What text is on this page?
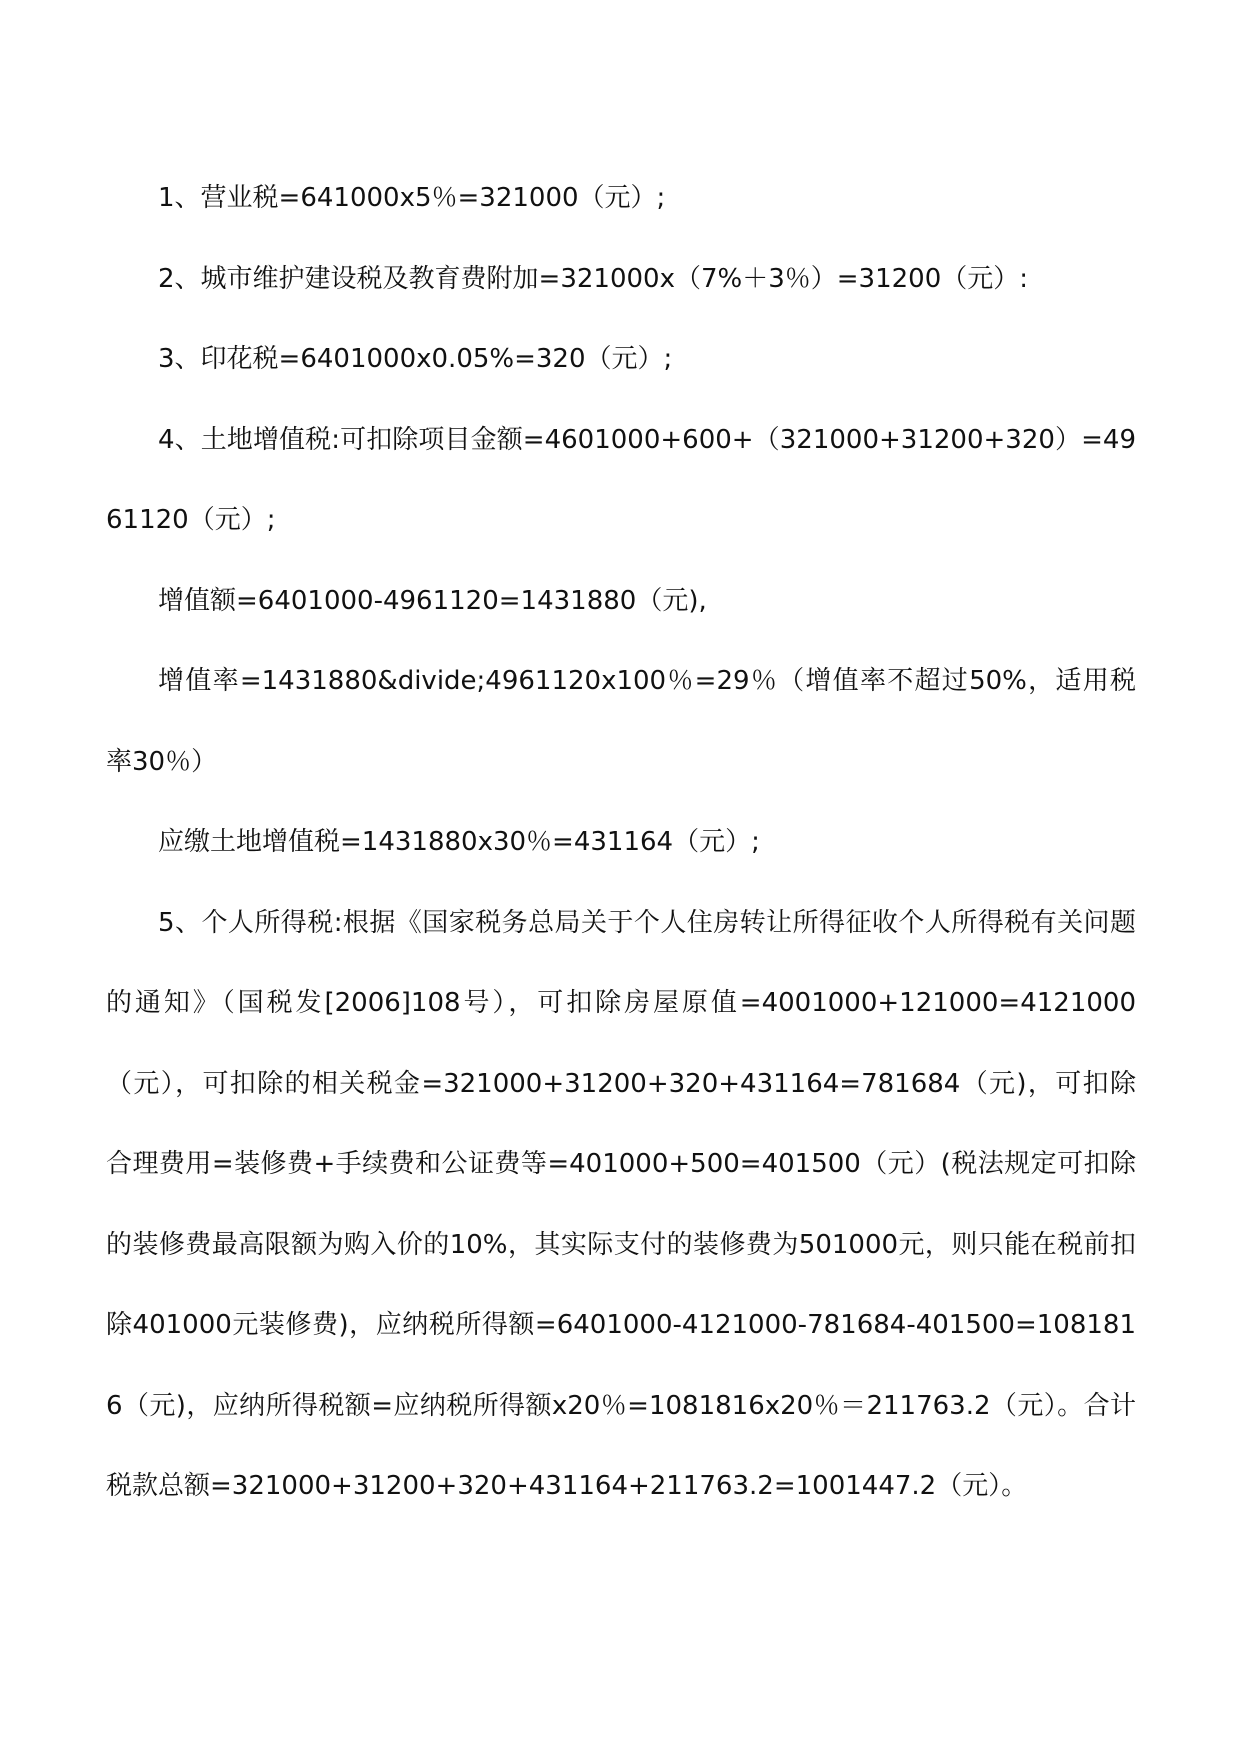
1、营业税=641000x5％=321000（元）;

2、城市维护建设税及教育费附加=321000x（7%＋3％）=31200（元）:

3、印花税=6401000x0.05%=320（元）;

4、土地增值税:可扣除项目金额=4601000+600+（321000+31200+320）=4961120（元）;

增值额=6401000-4961120=1431880（元),

增值率=1431880&divide;4961120x100％=29％（增值率不超过50%，适用税率30％）

应缴土地增值税=1431880x30％=431164（元）;

5、个人所得税:根据《国家税务总局关于个人住房转让所得征收个人所得税有关问题的通知》（国税发[2006]108号），可扣除房屋原值=4001000+121000=4121000（元），可扣除的相关税金=321000+31200+320+431164=781684（元)，可扣除合理费用=装修费+手续费和公证费等=401000+500=401500（元）(税法规定可扣除的装修费最高限额为购入价的10%，其实际支付的装修费为501000元，则只能在税前扣除401000元装修费)，应纳税所得额=6401000-4121000-781684-401500=1081816（元)，应纳所得税额=应纳税所得额x20％=1081816x20％＝211763.2（元）。合计税款总额=321000+31200+320+431164+211763.2=1001447.2（元）。
